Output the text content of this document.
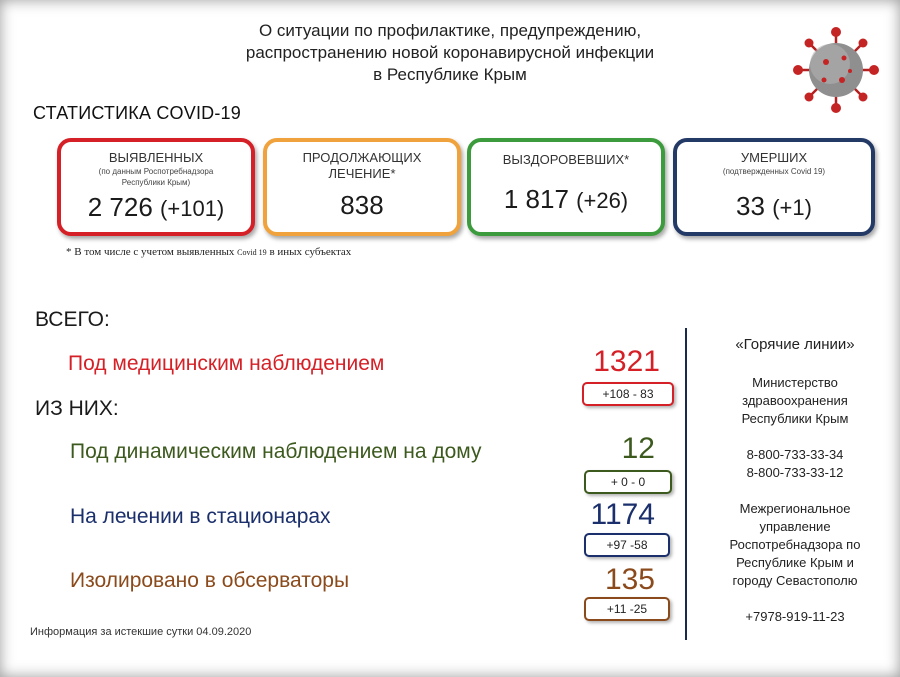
О ситуации по профилактике, предупреждению,
распространению новой коронавирусной инфекции
в Республике Крым
СТАТИСТИКА COVID-19
ВЫЯВЛЕННЫХ
(по данным Роспотребнадзора
Республики Крым)
2 726 (+101)
ПРОДОЛЖАЮЩИХ
ЛЕЧЕНИЕ*
838
ВЫЗДОРОВЕВШИХ*
1 817 (+26)
УМЕРШИХ
(подтвержденных Covid 19)
33 (+1)
* В том числе с учетом выявленных Covid 19 в иных субъектах
ВСЕГО:
ИЗ НИХ:
Под медицинским наблюдением	1321
+108 - 83
Под динамическим наблюдением на дому	12
+ 0 - 0
На лечении в стационарах	1174
+97 -58
Изолировано в обсерваторы	135
+11 -25
«Горячие линии»
Министерство
здравоохранения
Республики Крым
8-800-733-33-34
8-800-733-33-12
Межрегиональное
управление
Роспотребнадзора по
Республике Крым и
городу Севастополю
+7978-919-11-23
Информация за истекшие сутки 04.09.2020
